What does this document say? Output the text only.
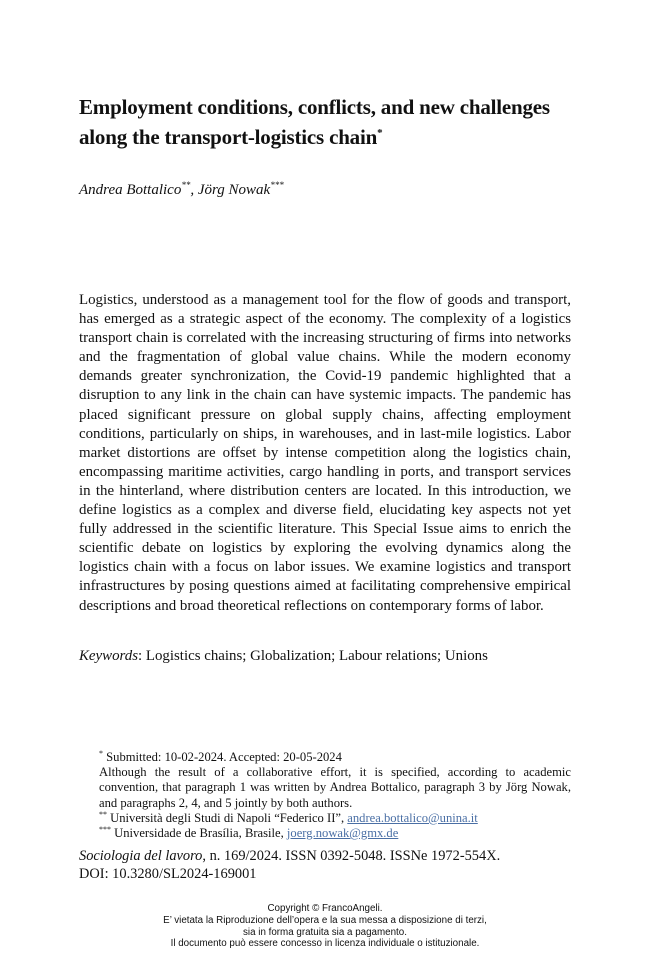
Employment conditions, conflicts, and new challenges along the transport-logistics chain*
Andrea Bottalico**, Jörg Nowak***
Logistics, understood as a management tool for the flow of goods and transport, has emerged as a strategic aspect of the economy. The complexity of a logistics transport chain is correlated with the increasing structuring of firms into networks and the fragmentation of global value chains. While the modern economy demands greater synchronization, the Covid-19 pandemic highlighted that a disruption to any link in the chain can have systemic impacts. The pandemic has placed significant pressure on global supply chains, affecting employment conditions, particularly on ships, in warehouses, and in last-mile logistics. Labor market distortions are offset by intense competition along the logistics chain, encompassing maritime activities, cargo handling in ports, and transport services in the hinterland, where distribution centers are located. In this introduction, we define logistics as a complex and diverse field, elucidating key aspects not yet fully addressed in the scientific literature. This Special Issue aims to enrich the scientific debate on logistics by exploring the evolving dynamics along the logistics chain with a focus on labor issues. We examine logistics and transport infrastructures by posing questions aimed at facilitating comprehensive empirical descriptions and broad theoretical reflections on contemporary forms of labor.
Keywords: Logistics chains; Globalization; Labour relations; Unions

* Submitted: 10-02-2024. Accepted: 20-05-2024

Although the result of a collaborative effort, it is specified, according to academic convention, that paragraph 1 was written by Andrea Bottalico, paragraph 3 by Jörg Nowak, and paragraphs 2, 4, and 5 jointly by both authors.

** Università degli Studi di Napoli “Federico II”, andrea.bottalico@unina.it

*** Universidade de Brasília, Brasile, joerg.nowak@gmx.de

Sociologia del lavoro, n. 169/2024. ISSN 0392-5048. ISSNe 1972-554X.
DOI: 10.3280/SL2024-169001
Copyright © FrancoAngeli.
E’ vietata la Riproduzione dell’opera e la sua messa a disposizione di terzi,
sia in forma gratuita sia a pagamento.
Il documento può essere concesso in licenza individuale o istituzionale.
